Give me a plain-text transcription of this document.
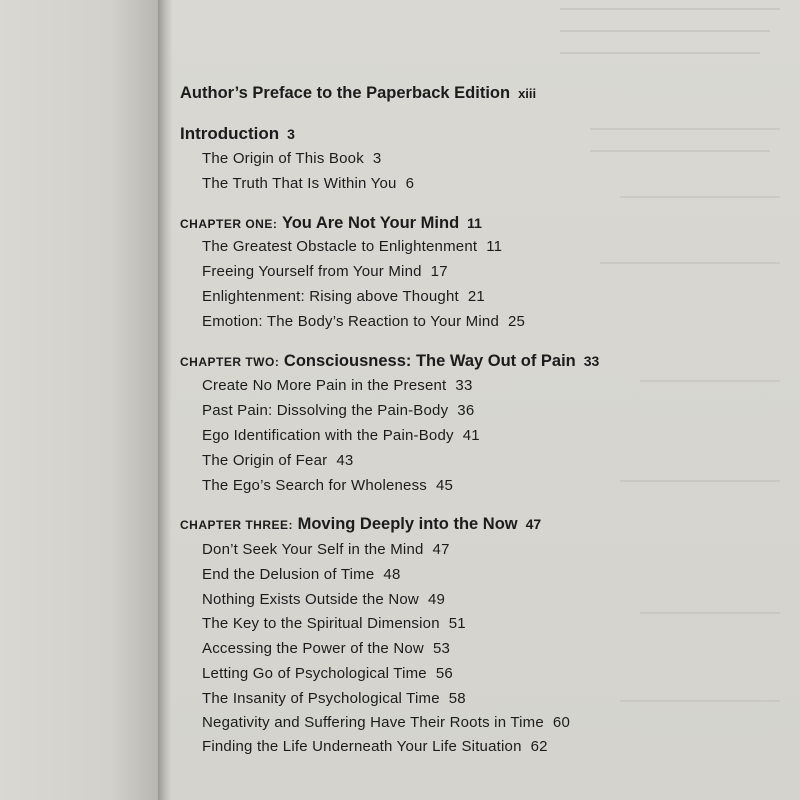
Author’s Preface to the Paperback Edition xiii
Introduction 3
The Origin of This Book 3
The Truth That Is Within You 6
CHAPTER ONE: You Are Not Your Mind 11
The Greatest Obstacle to Enlightenment 11
Freeing Yourself from Your Mind 17
Enlightenment: Rising above Thought 21
Emotion: The Body’s Reaction to Your Mind 25
CHAPTER TWO: Consciousness: The Way Out of Pain 33
Create No More Pain in the Present 33
Past Pain: Dissolving the Pain-Body 36
Ego Identification with the Pain-Body 41
The Origin of Fear 43
The Ego’s Search for Wholeness 45
CHAPTER THREE: Moving Deeply into the Now 47
Don’t Seek Your Self in the Mind 47
End the Delusion of Time 48
Nothing Exists Outside the Now 49
The Key to the Spiritual Dimension 51
Accessing the Power of the Now 53
Letting Go of Psychological Time 56
The Insanity of Psychological Time 58
Negativity and Suffering Have Their Roots in Time 60
Finding the Life Underneath Your Life Situation 62
